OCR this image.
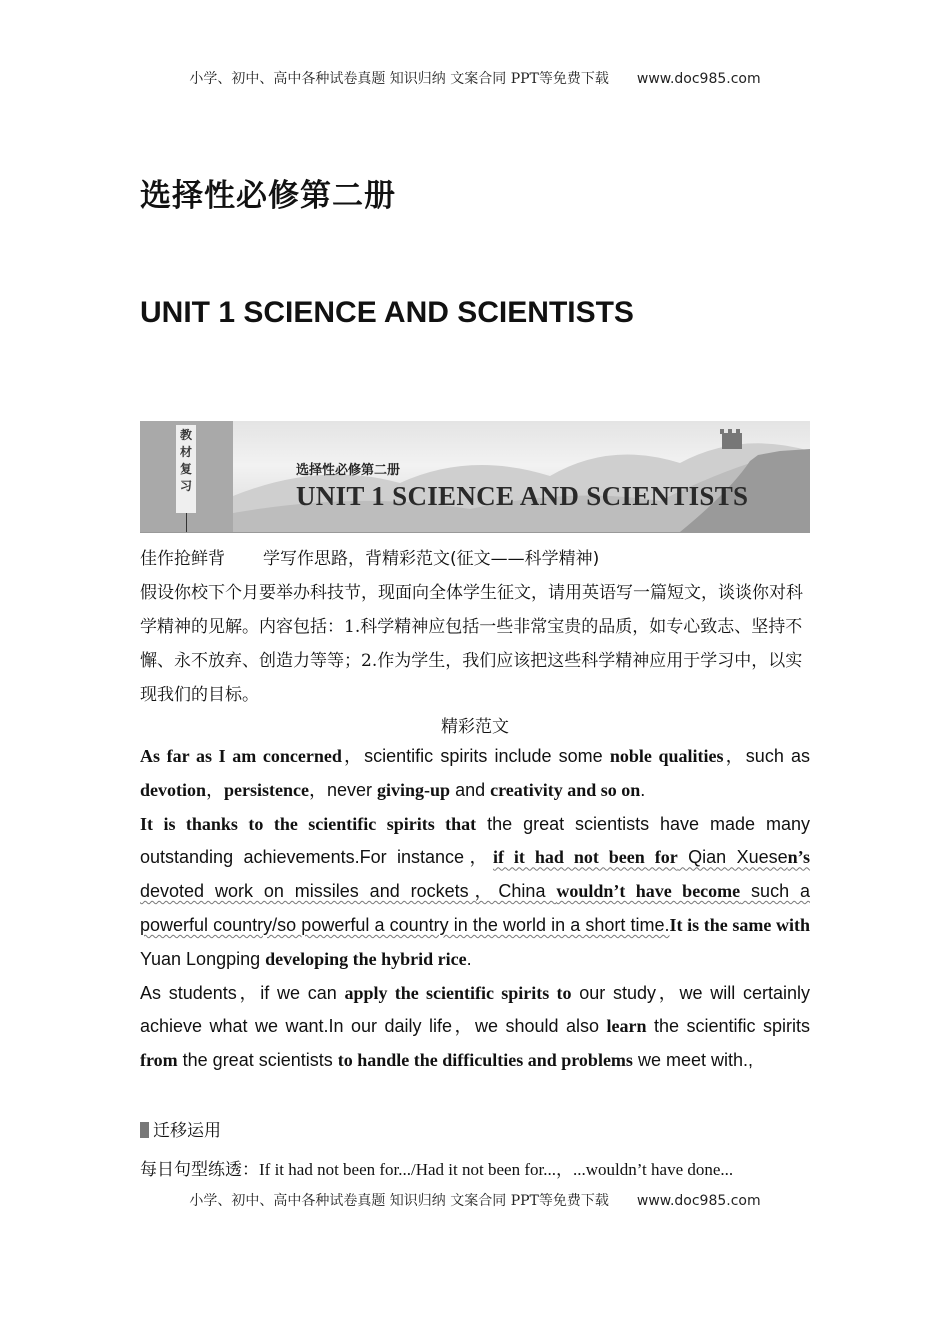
小学、初中、高中各种试卷真题 知识归纳 文案合同 PPT等免费下载 www.doc985.com
选择性必修第二册
UNIT 1 SCIENCE AND SCIENTISTS
教材复习
选择性必修第二册
UNIT 1 SCIENCE AND SCIENTISTS
佳作抢鲜背 学写作思路，背精彩范文(征文——科学精神)
假设你校下个月要举办科技节，现面向全体学生征文，请用英语写一篇短文，谈谈你对科学精神的见解。内容包括：1.科学精神应包括一些非常宝贵的品质，如专心致志、坚持不懈、永不放弃、创造力等等；2.作为学生，我们应该把这些科学精神应用于学习中，以实现我们的目标。
精彩范文

As far as I am concerned，scientific spirits include some noble qualities，such as devotion，persistence，never giving-up and creativity and so on.

It is thanks to the scientific spirits that the great scientists have made many outstanding achievements.For instance，if it had not been for Qian Xuesen’s devoted work on missiles and rockets，China wouldn’t have become such a powerful country/so powerful a country in the world in a short time.It is the same with Yuan Longping developing the hybrid rice.

As students，if we can apply the scientific spirits to our study，we will certainly achieve what we want.In our daily life，we should also learn the scientific spirits from the great scientists to handle the difficulties and problems we meet with.,

迁移运用
每日句型练透：If it had not been for.../Had it not been for...，...wouldn’t have done...
小学、初中、高中各种试卷真题 知识归纳 文案合同 PPT等免费下载 www.doc985.com
